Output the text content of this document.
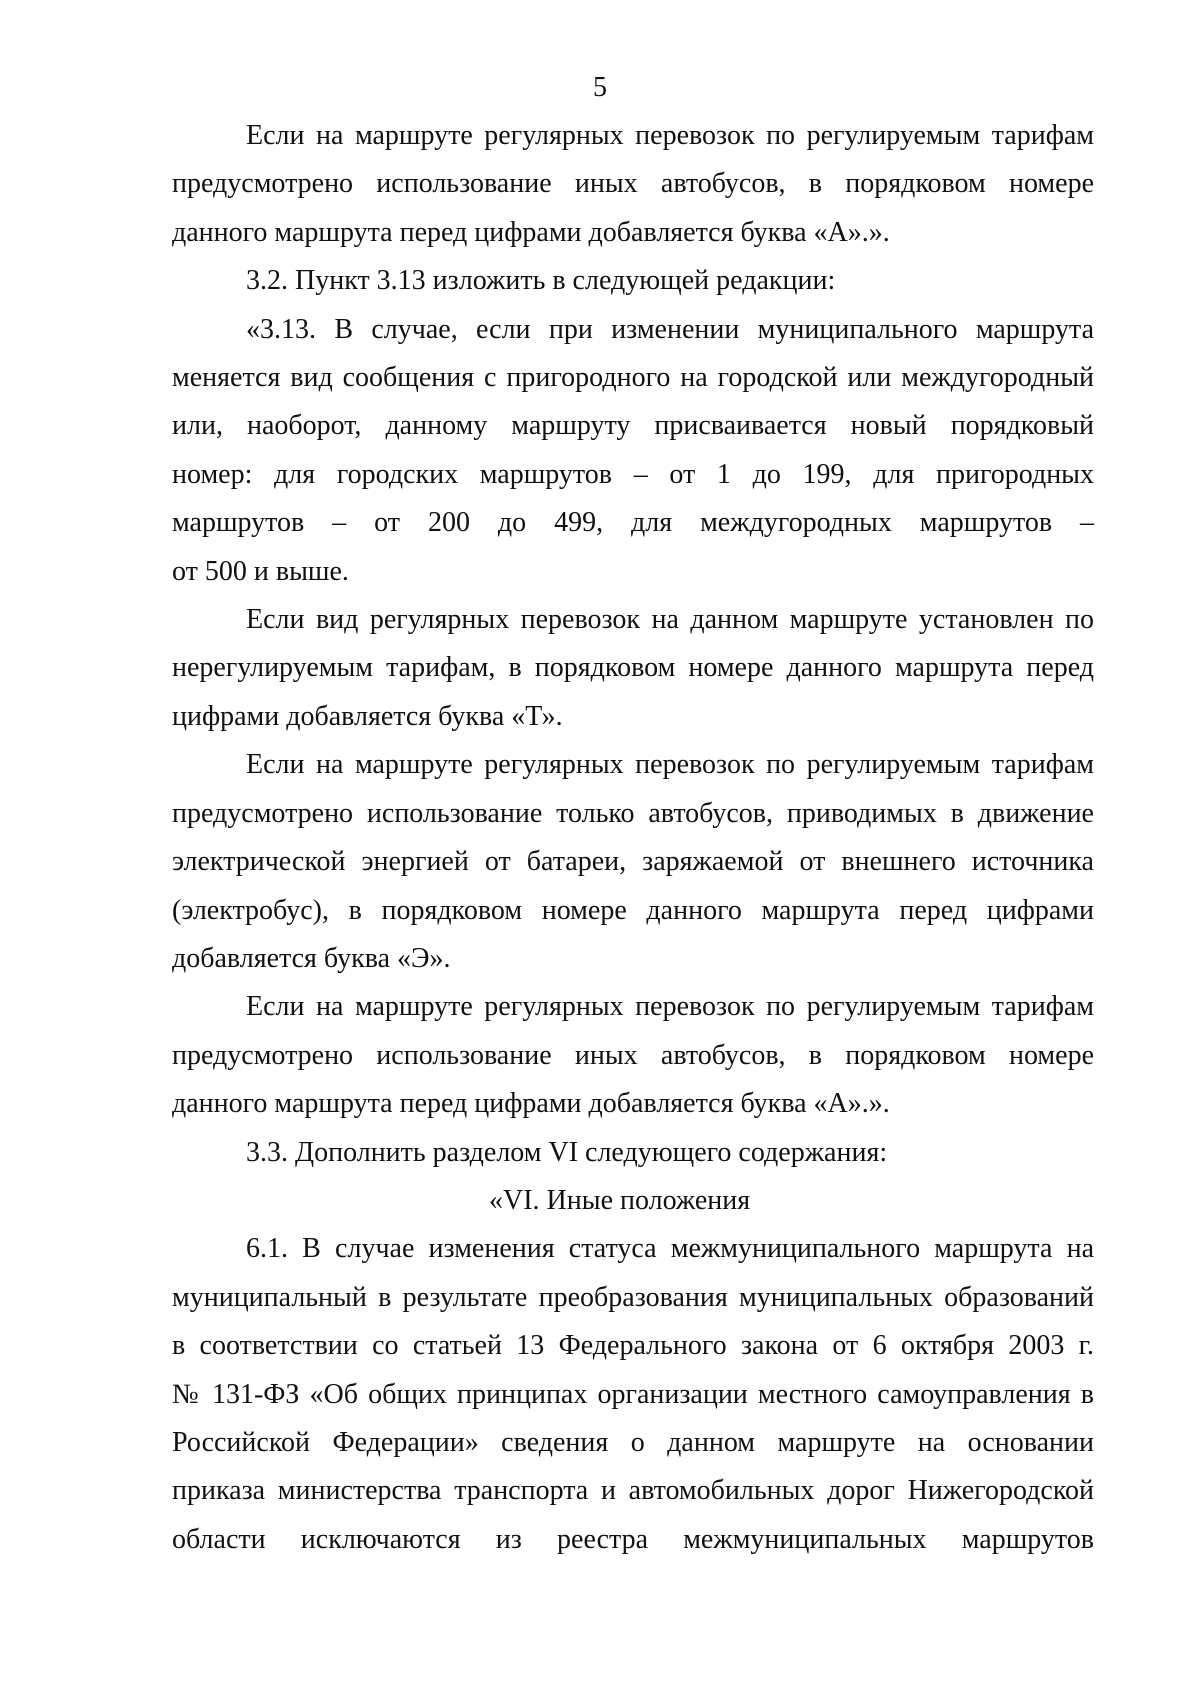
5
Если на маршруте регулярных перевозок по регулируемым тарифам
предусмотрено использование иных автобусов, в порядковом номере
данного маршрута перед цифрами добавляется буква «А».».
3.2. Пункт 3.13 изложить в следующей редакции:
«3.13. В случае, если при изменении муниципального маршрута
меняется вид сообщения с пригородного на городской или междугородный
или, наоборот, данному маршруту присваивается новый порядковый
номер: для городских маршрутов – от 1 до 199, для пригородных
маршрутов – от 200 до 499, для междугородных маршрутов –
от 500 и выше.
Если вид регулярных перевозок на данном маршруте установлен по
нерегулируемым тарифам, в порядковом номере данного маршрута перед
цифрами добавляется буква «Т».
Если на маршруте регулярных перевозок по регулируемым тарифам
предусмотрено использование только автобусов, приводимых в движение
электрической энергией от батареи, заряжаемой от внешнего источника
(электробус), в порядковом номере данного маршрута перед цифрами
добавляется буква «Э».
Если на маршруте регулярных перевозок по регулируемым тарифам
предусмотрено использование иных автобусов, в порядковом номере
данного маршрута перед цифрами добавляется буква «А».».
3.3. Дополнить разделом VI следующего содержания:
«VI. Иные положения
6.1. В случае изменения статуса межмуниципального маршрута на
муниципальный в результате преобразования муниципальных образований
в соответствии со статьей 13 Федерального закона от 6 октября 2003 г.
№ 131-ФЗ «Об общих принципах организации местного самоуправления в
Российской Федерации» сведения о данном маршруте на основании
приказа министерства транспорта и автомобильных дорог Нижегородской
области исключаются из реестра межмуниципальных маршрутов
